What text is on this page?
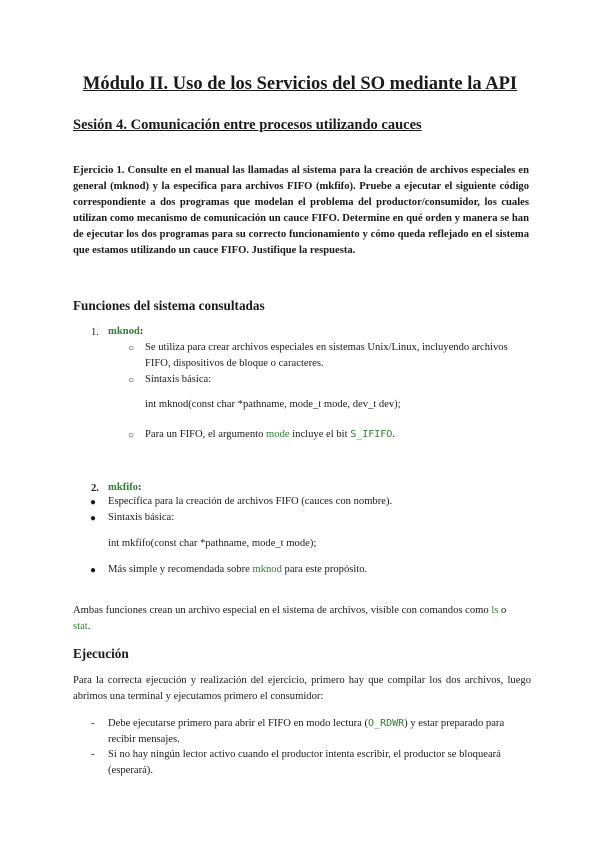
Módulo II. Uso de los Servicios del SO mediante la API
Sesión 4. Comunicación entre procesos utilizando cauces
Ejercicio 1. Consulte en el manual las llamadas al sistema para la creación de archivos especiales en general (mknod) y la específica para archivos FIFO (mkfifo). Pruebe a ejecutar el siguiente código correspondiente a dos programas que modelan el problema del productor/consumidor, los cuales utilizan como mecanismo de comunicación un cauce FIFO. Determine en qué orden y manera se han de ejecutar los dos programas para su correcto funcionamiento y cómo queda reflejado en el sistema que estamos utilizando un cauce FIFO. Justifique la respuesta.
Funciones del sistema consultadas
1. mknod:
○ Se utiliza para crear archivos especiales en sistemas Unix/Linux, incluyendo archivos FIFO, dispositivos de bloque o caracteres.
○ Sintaxis básica:
int mknod(const char *pathname, mode_t mode, dev_t dev);
○ Para un FIFO, el argumento mode incluye el bit S_IFIFO.
2. mkfifo:
● Específica para la creación de archivos FIFO (cauces con nombre).
● Sintaxis básica:
int mkfifo(const char *pathname, mode_t mode);
● Más simple y recomendada sobre mknod para este propósito.
Ambas funciones crean un archivo especial en el sistema de archivos, visible con comandos como ls o
stat.
Ejecución
Para la correcta ejecución y realización del ejercicio, primero hay que compilar los dos archivos, luego abrimos una terminal y ejecutamos primero el consumidor:
- Debe ejecutarse primero para abrir el FIFO en modo lectura (O_RDWR) y estar preparado para recibir mensajes.
- Si no hay ningún lector activo cuando el productor intenta escribir, el productor se bloqueará (esperará).
